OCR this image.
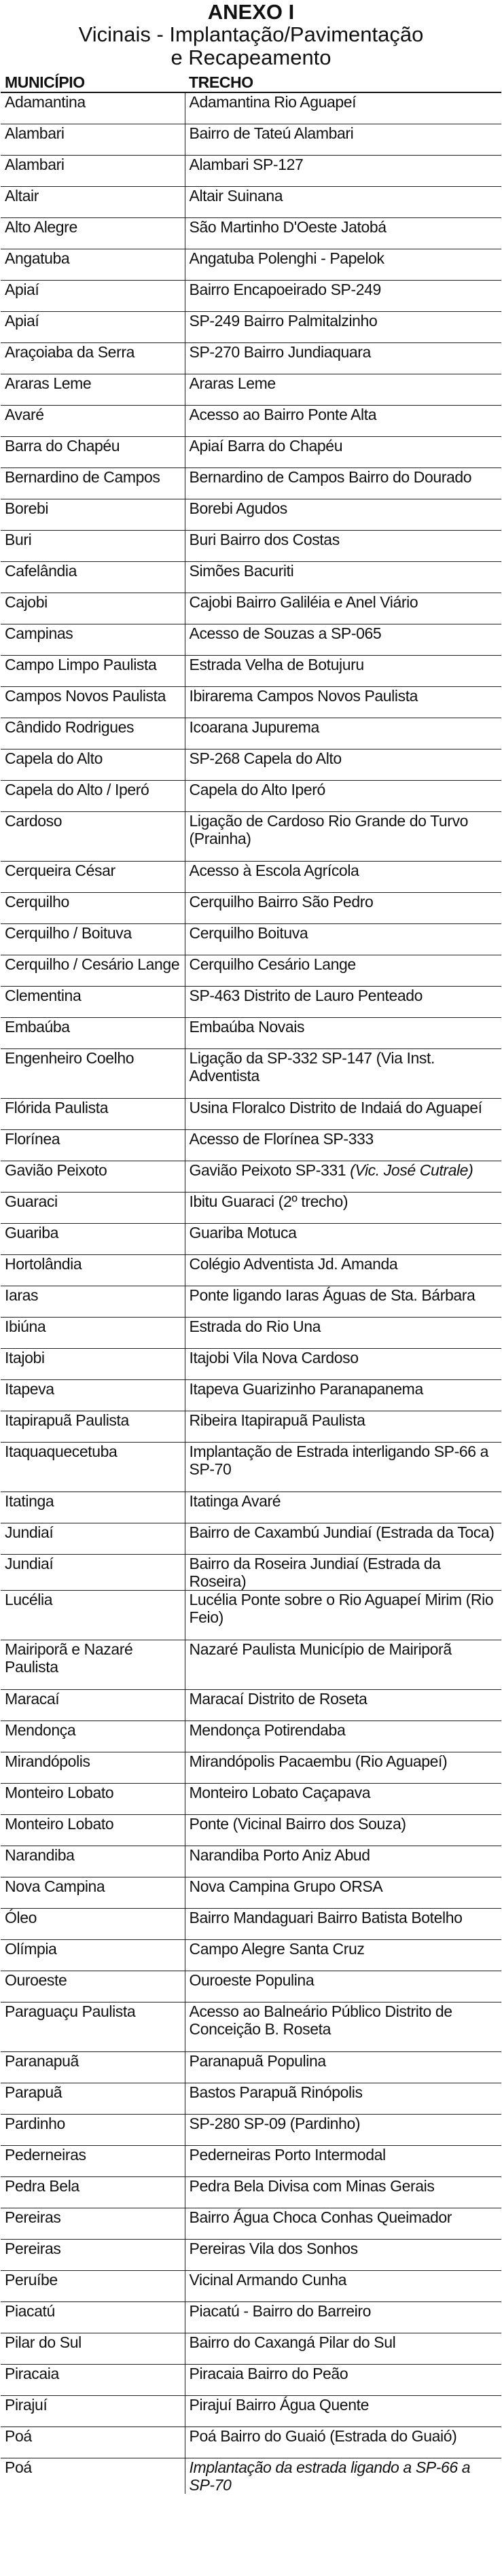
ANEXO I
Vicinais - Implantação/Pavimentação
e Recapeamento
MUNICÍPIO	TRECHO
Adamantina	Adamantina Rio Aguapeí
Alambari	Bairro de Tateú Alambari
Alambari	Alambari SP-127
Altair	Altair Suinana
Alto Alegre	São Martinho D'Oeste Jatobá
Angatuba	Angatuba Polenghi - Papelok
Apiaí	Bairro Encapoeirado SP-249
Apiaí	SP-249 Bairro Palmitalzinho
Araçoiaba da Serra	SP-270 Bairro Jundiaquara
Araras Leme	Araras Leme
Avaré	Acesso ao Bairro Ponte Alta
Barra do Chapéu	Apiaí Barra do Chapéu
Bernardino de Campos	Bernardino de Campos Bairro do Dourado
Borebi	Borebi Agudos
Buri	Buri Bairro dos Costas
Cafelândia	Simões Bacuriti
Cajobi	Cajobi Bairro Galiléia e Anel Viário
Campinas	Acesso de Souzas a SP-065
Campo Limpo Paulista	Estrada Velha de Botujuru
Campos Novos Paulista	Ibirarema Campos Novos Paulista
Cândido Rodrigues	Icoarana Jupurema
Capela do Alto	SP-268 Capela do Alto
Capela do Alto / Iperó	Capela do Alto Iperó
Cardoso	Ligação de Cardoso Rio Grande do Turvo (Prainha)
Cerqueira César	Acesso à Escola Agrícola
Cerquilho	Cerquilho Bairro São Pedro
Cerquilho / Boituva	Cerquilho Boituva
Cerquilho / Cesário Lange	Cerquilho Cesário Lange
Clementina	SP-463 Distrito de Lauro Penteado
Embaúba	Embaúba Novais
Engenheiro Coelho	Ligação da SP-332 SP-147 (Via Inst. Adventista
Flórida Paulista	Usina Floralco Distrito de Indaiá do Aguapeí
Florínea	Acesso de Florínea SP-333
Gavião Peixoto	Gavião Peixoto SP-331 (Vic. José Cutrale)
Guaraci	Ibitu Guaraci (2º trecho)
Guariba	Guariba Motuca
Hortolândia	Colégio Adventista Jd. Amanda
Iaras	Ponte ligando Iaras Águas de Sta. Bárbara
Ibiúna	Estrada do Rio Una
Itajobi	Itajobi Vila Nova Cardoso
Itapeva	Itapeva Guarizinho Paranapanema
Itapirapuã Paulista	Ribeira Itapirapuã Paulista
Itaquaquecetuba	Implantação de Estrada interligando SP-66 a SP-70
Itatinga	Itatinga Avaré
Jundiaí	Bairro de Caxambú Jundiaí (Estrada da Toca)
Jundiaí	Bairro da Roseira Jundiaí (Estrada da Roseira)
Lucélia	Lucélia Ponte sobre o Rio Aguapeí Mirim (Rio Feio)
Mairiporã e Nazaré Paulista	Nazaré Paulista Município de Mairiporã
Maracaí	Maracaí Distrito de Roseta
Mendonça	Mendonça Potirendaba
Mirandópolis	Mirandópolis Pacaembu (Rio Aguapeí)
Monteiro Lobato	Monteiro Lobato Caçapava
Monteiro Lobato	Ponte (Vicinal Bairro dos Souza)
Narandiba	Narandiba Porto Aniz Abud
Nova Campina	Nova Campina Grupo ORSA
Óleo	Bairro Mandaguari Bairro Batista Botelho
Olímpia	Campo Alegre Santa Cruz
Ouroeste	Ouroeste Populina
Paraguaçu Paulista	Acesso ao Balneário Público Distrito de Conceição B. Roseta
Paranapuã	Paranapuã Populina
Parapuã	Bastos Parapuã Rinópolis
Pardinho	SP-280 SP-09 (Pardinho)
Pederneiras	Pederneiras Porto Intermodal
Pedra Bela	Pedra Bela Divisa com Minas Gerais
Pereiras	Bairro Água Choca Conhas Queimador
Pereiras	Pereiras Vila dos Sonhos
Peruíbe	Vicinal Armando Cunha
Piacatú	Piacatú - Bairro do Barreiro
Pilar do Sul	Bairro do Caxangá Pilar do Sul
Piracaia	Piracaia Bairro do Peão
Pirajuí	Pirajuí Bairro Água Quente
Poá	Poá Bairro do Guaió (Estrada do Guaió)
Poá	Implantação da estrada ligando a SP-66 a SP-70
